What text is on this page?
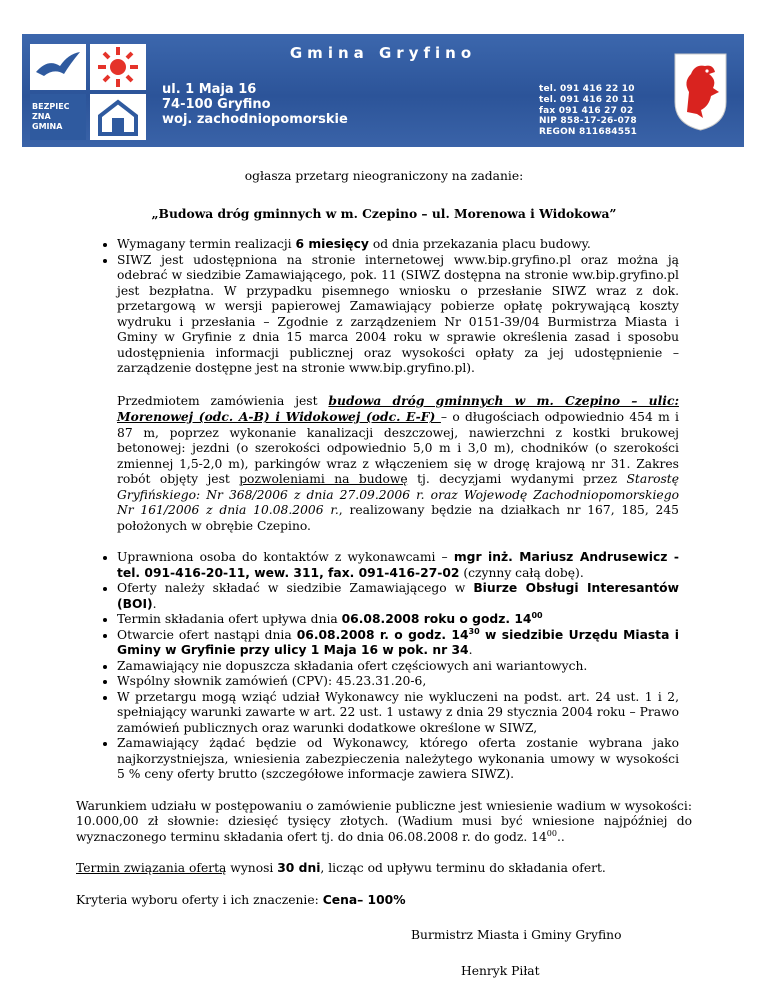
BEZPIECZNA GMINA
Gmina Gryfino
ul. 1 Maja 16
74-100 Gryfino
woj. zachodniopomorskie
tel. 091 416 22 10
tel. 091 416 20 11
fax 091 416 27 02
NIP 858-17-26-078
REGON 811684551

ogłasza przetarg nieograniczony na zadanie:

„Budowa dróg gminnych w m. Czepino – ul. Morenowa i Widokowa”

• Wymagany termin realizacji 6 miesięcy od dnia przekazania placu budowy.
• SIWZ jest udostępniona na stronie internetowej www.bip.gryfino.pl oraz można ją odebrać w siedzibie Zamawiającego, pok. 11 (SIWZ dostępna na stronie ww.bip.gryfino.pl jest bezpłatna. W przypadku pisemnego wniosku o przesłanie SIWZ wraz z dok. przetargową w wersji papierowej Zamawiający pobierze opłatę pokrywającą koszty wydruku i przesłania – Zgodnie z zarządzeniem Nr 0151-39/04 Burmistrza Miasta i Gminy w Gryfinie z dnia 15 marca 2004 roku w sprawie określenia zasad i sposobu udostępnienia informacji publicznej oraz wysokości opłaty za jej udostępnienie – zarządzenie dostępne jest na stronie www.bip.gryfino.pl).

Przedmiotem zamówienia jest budowa dróg gminnych w m. Czepino – ulic: Morenowej (odc. A-B) i Widokowej (odc. E-F) – o długościach odpowiednio 454 m i 87 m, poprzez wykonanie kanalizacji deszczowej, nawierzchni z kostki brukowej betonowej: jezdni (o szerokości odpowiednio 5,0 m i 3,0 m), chodników (o szerokości zmiennej 1,5-2,0 m), parkingów wraz z włączeniem się w drogę krajową nr 31. Zakres robót objęty jest pozwoleniami na budowę tj. decyzjami wydanymi przez Starostę Gryfińskiego: Nr 368/2006 z dnia 27.09.2006 r. oraz Wojewodę Zachodniopomorskiego Nr 161/2006 z dnia 10.08.2006 r., realizowany będzie na działkach nr 167, 185, 245 położonych w obrębie Czepino.

• Uprawniona osoba do kontaktów z wykonawcami – mgr inż. Mariusz Andrusewicz - tel. 091-416-20-11, wew. 311, fax. 091-416-27-02 (czynny całą dobę).
• Oferty należy składać w siedzibie Zamawiającego w Biurze Obsługi Interesantów (BOI).
• Termin składania ofert upływa dnia 06.08.2008 roku o godz. $14^{00}$
• Otwarcie ofert nastąpi dnia 06.08.2008 r. o godz. $14^{30}$ w siedzibie Urzędu Miasta i Gminy w Gryfinie przy ulicy 1 Maja 16 w pok. nr 34.
• Zamawiający nie dopuszcza składania ofert częściowych ani wariantowych.
• Wspólny słownik zamówień (CPV): 45.23.31.20-6,
• W przetargu mogą wziąć udział Wykonawcy nie wykluczeni na podst. art. 24 ust. 1 i 2, spełniający warunki zawarte w art. 22 ust. 1 ustawy z dnia 29 stycznia 2004 roku – Prawo zamówień publicznych oraz warunki dodatkowe określone w SIWZ,
• Zamawiający żądać będzie od Wykonawcy, którego oferta zostanie wybrana jako najkorzystniejsza, wniesienia zabezpieczenia należytego wykonania umowy w wysokości 5 % ceny oferty brutto (szczegółowe informacje zawiera SIWZ).

Warunkiem udziału w postępowaniu o zamówienie publiczne jest wniesienie wadium w wysokości: 10.000,00 zł słownie: dziesięć tysięcy złotych. (Wadium musi być wniesione najpóźniej do wyznaczonego terminu składania ofert tj. do dnia 06.08.2008 r. do godz. $14^{00}$..

Termin związania ofertą wynosi 30 dni, licząc od upływu terminu do składania ofert.

Kryteria wyboru oferty i ich znaczenie: Cena– 100%

Burmistrz Miasta i Gminy Gryfino

Henryk Piłat
